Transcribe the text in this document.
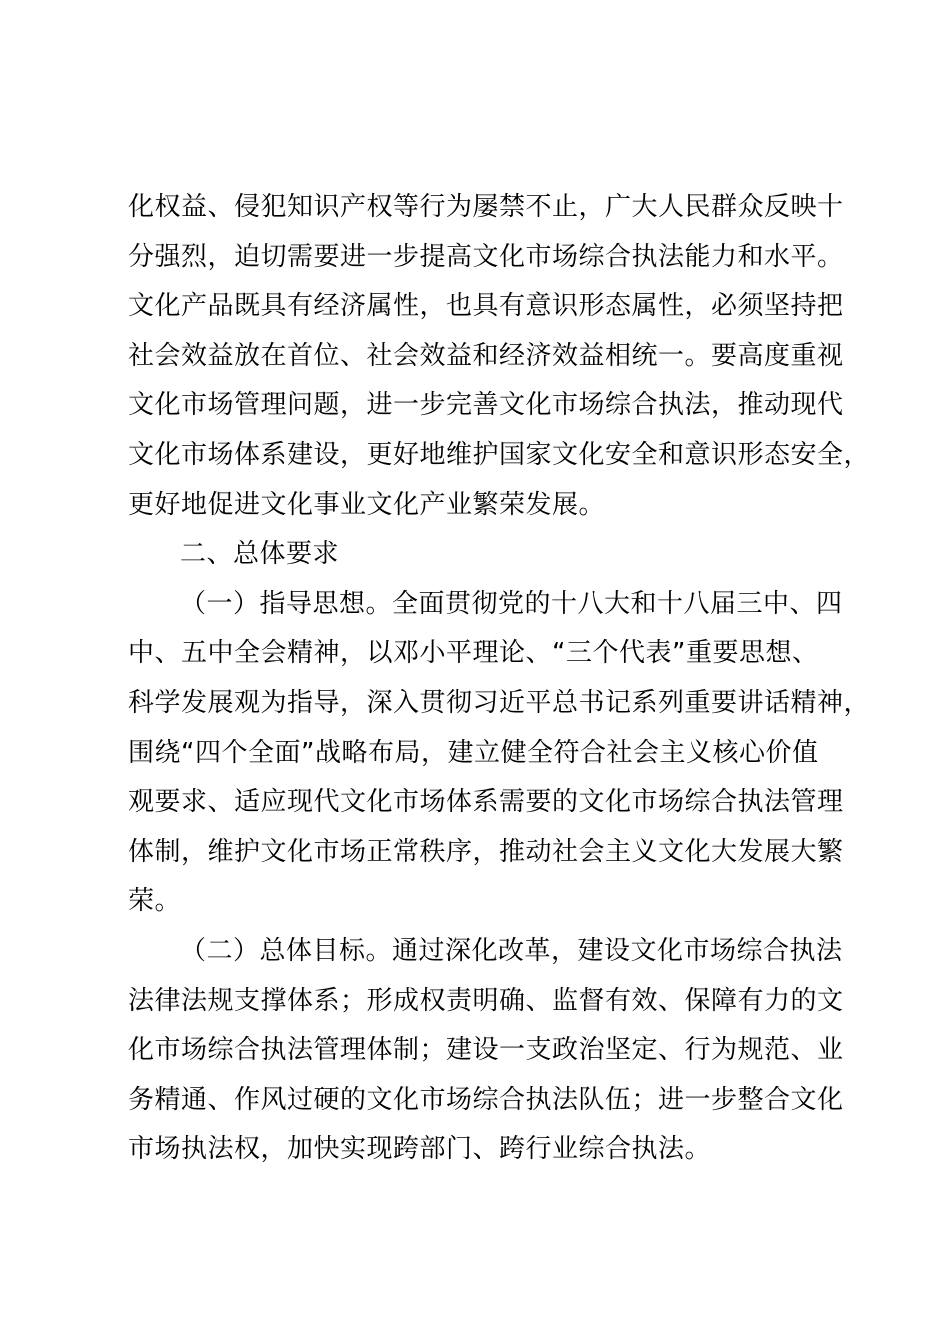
化权益、侵犯知识产权等行为屡禁不止，广大人民群众反映十
分强烈，迫切需要进一步提高文化市场综合执法能力和水平。
文化产品既具有经济属性，也具有意识形态属性，必须坚持把
社会效益放在首位、社会效益和经济效益相统一。要高度重视
文化市场管理问题，进一步完善文化市场综合执法，推动现代
文化市场体系建设，更好地维护国家文化安全和意识形态安全，
更好地促进文化事业文化产业繁荣发展。
二、总体要求
（一）指导思想。全面贯彻党的十八大和十八届三中、四
中、五中全会精神，以邓小平理论、“三个代表”重要思想、
科学发展观为指导，深入贯彻习近平总书记系列重要讲话精神，
围绕“四个全面”战略布局，建立健全符合社会主义核心价值
观要求、适应现代文化市场体系需要的文化市场综合执法管理
体制，维护文化市场正常秩序，推动社会主义文化大发展大繁
荣。
（二）总体目标。通过深化改革，建设文化市场综合执法
法律法规支撑体系；形成权责明确、监督有效、保障有力的文
化市场综合执法管理体制；建设一支政治坚定、行为规范、业
务精通、作风过硬的文化市场综合执法队伍；进一步整合文化
市场执法权，加快实现跨部门、跨行业综合执法。
